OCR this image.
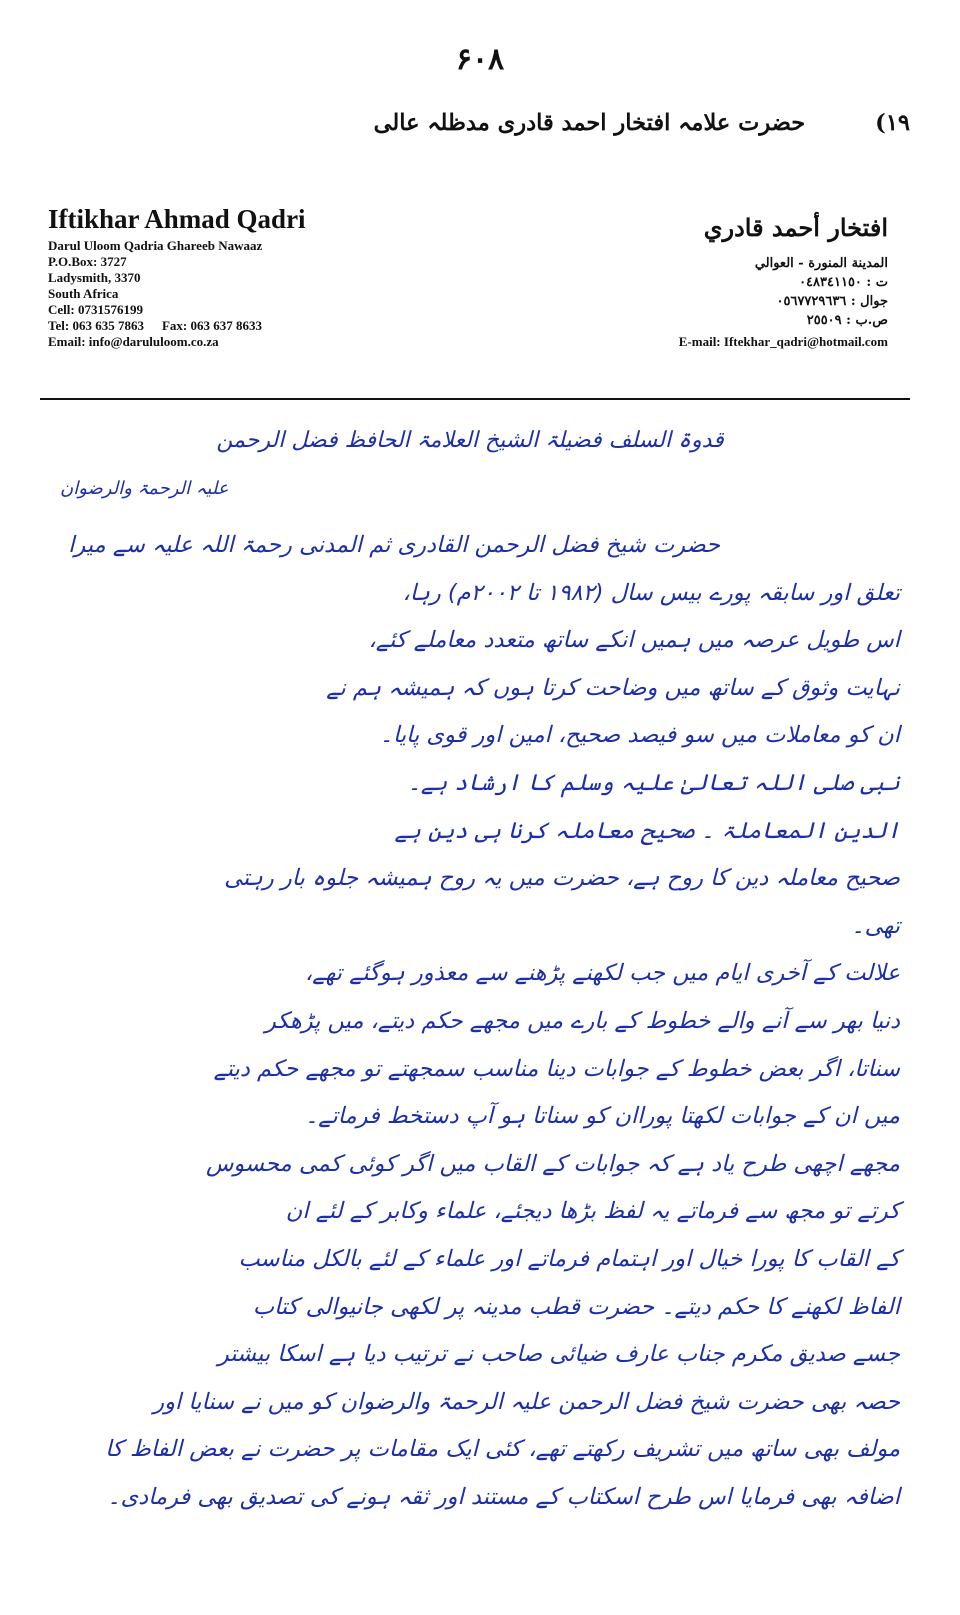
۶۰۸
۱۹)حضرت علامہ افتخار احمد قادری مدظلہ عالی
Iftikhar Ahmad Qadri
Darul Uloom Qadria Ghareeb Nawaaz
P.O.Box: 3727
Ladysmith, 3370
South Africa
Cell: 0731576199
Tel: 063 635 7863 Fax: 063 637 8633
Email: info@darululoom.co.za
افتخار أحمد قادري
المدينة المنورة - العوالي
ت : ٠٤٨٣٤١١٥٠
جوال : ٠٥٦٧٧٢٩٦٣٦
ص.ب : ٢٥٥٠٩
E-mail: Iftekhar_qadri@hotmail.com
قدوۃ السلف فضیلۃ الشیخ العلامۃ الحافظ فضل الرحمن
علیہ الرحمۃ والرضوان
حضرت شیخ فضل الرحمن القادری ثم المدنی رحمۃ اللہ علیہ سے میرا
تعلق اور سابقہ پورے بیس سال (۱۹۸۲ تا ۲۰۰۲م) رہا،
اس طویل عرصہ میں ہمیں انکے ساتھ متعدد معاملے کئے،
نہایت وثوق کے ساتھ میں وضاحت کرتا ہوں کہ ہمیشہ ہم نے
ان کو معاملات میں سو فیصد صحیح، امین اور قوی پایا۔
نبی صلی اللہ تعالیٰ علیہ وسلم کا ارشاد ہے۔
الدین المعاملۃ ۔ صحیح معاملہ کرنا ہی دین ہے
صحیح معاملہ دین کا روح ہے، حضرت میں یہ روح ہمیشہ جلوہ بار رہتی
تھی۔
علالت کے آخری ایام میں جب لکھنے پڑھنے سے معذور ہوگئے تھے،
دنیا بھر سے آنے والے خطوط کے بارے میں مجھے حکم دیتے، میں پڑھکر
سناتا، اگر بعض خطوط کے جوابات دینا مناسب سمجھتے تو مجھے حکم دیتے
میں ان کے جوابات لکھتا پوراان کو سناتا ہو آپ دستخط فرماتے۔
مجھے اچھی طرح یاد ہے کہ جوابات کے القاب میں اگر کوئی کمی محسوس
کرتے تو مجھ سے فرماتے یہ لفظ بڑھا دیجئے، علماء وکابر کے لئے ان
کے القاب کا پورا خیال اور اہتمام فرماتے اور علماء کے لئے بالکل مناسب
الفاظ لکھنے کا حکم دیتے۔ حضرت قطب مدینہ پر لکھی جانیوالی کتاب
جسے صدیق مکرم جناب عارف ضیائی صاحب نے ترتیب دیا ہے اسکا بیشتر
حصہ بھی حضرت شیخ فضل الرحمن علیہ الرحمۃ والرضوان کو میں نے سنایا اور
مولف بھی ساتھ میں تشریف رکھتے تھے، کئی ایک مقامات پر حضرت نے بعض الفاظ کا
اضافہ بھی فرمایا اس طرح اسکتاب کے مستند اور ثقہ ہونے کی تصدیق بھی فرمادی۔
